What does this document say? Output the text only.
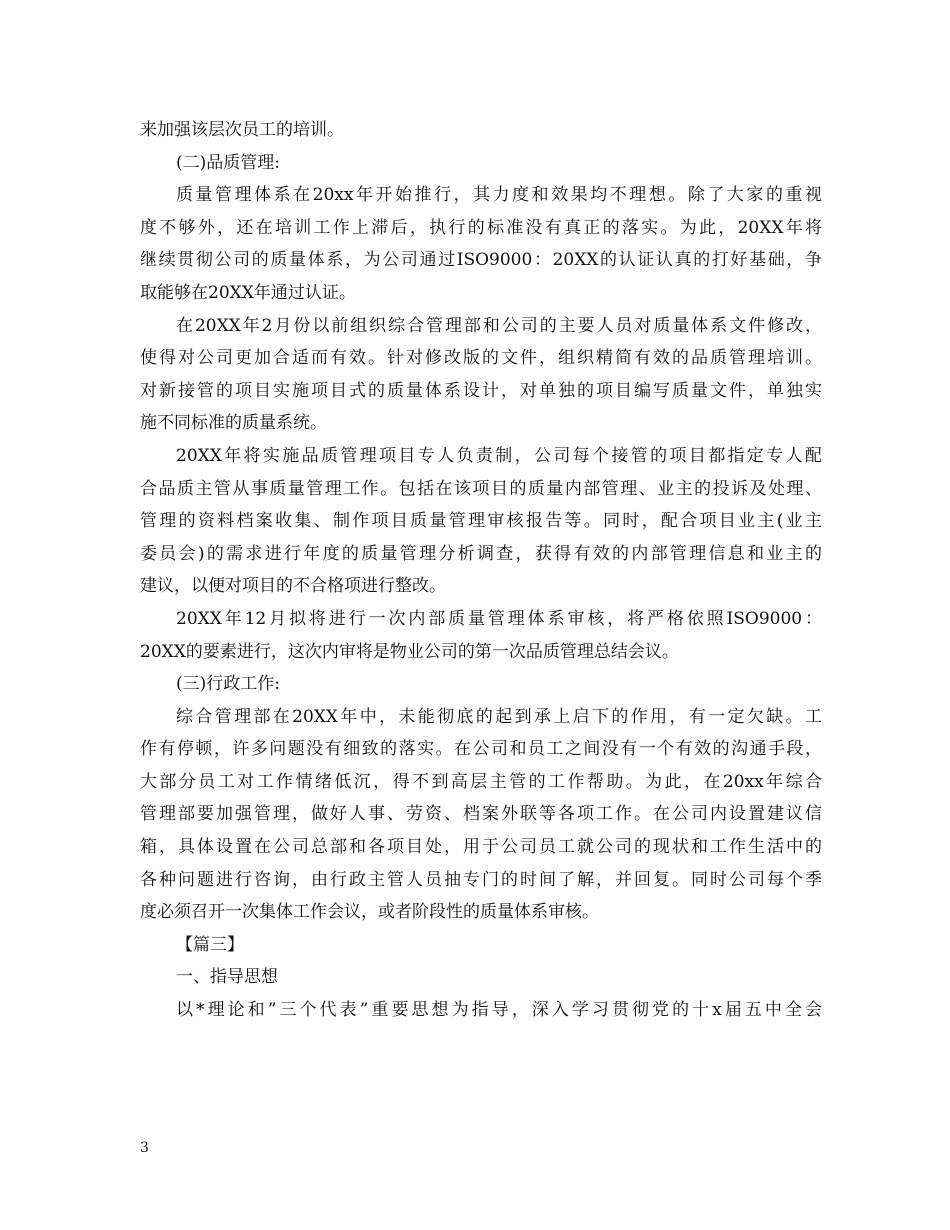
来加强该层次员工的培训。
(二)品质管理:
质量管理体系在20xx年开始推行，其力度和效果均不理想。除了大家的重视
度不够外，还在培训工作上滞后，执行的标准没有真正的落实。为此，20XX年将
继续贯彻公司的质量体系，为公司通过ISO9000：20XX的认证认真的打好基础，争
取能够在20XX年通过认证。
在20XX年2月份以前组织综合管理部和公司的主要人员对质量体系文件修改，
使得对公司更加合适而有效。针对修改版的文件，组织精简有效的品质管理培训。
对新接管的项目实施项目式的质量体系设计，对单独的项目编写质量文件，单独实
施不同标准的质量系统。
20XX年将实施品质管理项目专人负责制，公司每个接管的项目都指定专人配
合品质主管从事质量管理工作。包括在该项目的质量内部管理、业主的投诉及处理、
管理的资料档案收集、制作项目质量管理审核报告等。同时，配合项目业主(业主
委员会)的需求进行年度的质量管理分析调查，获得有效的内部管理信息和业主的
建议，以便对项目的不合格项进行整改。
20XX年12月拟将进行一次内部质量管理体系审核，将严格依照ISO9000：
20XX的要素进行，这次内审将是物业公司的第一次品质管理总结会议。
(三)行政工作:
综合管理部在20XX年中，未能彻底的起到承上启下的作用，有一定欠缺。工
作有停顿，许多问题没有细致的落实。在公司和员工之间没有一个有效的沟通手段，
大部分员工对工作情绪低沉，得不到高层主管的工作帮助。为此，在20xx年综合
管理部要加强管理，做好人事、劳资、档案外联等各项工作。在公司内设置建议信
箱，具体设置在公司总部和各项目处，用于公司员工就公司的现状和工作生活中的
各种问题进行咨询，由行政主管人员抽专门的时间了解，并回复。同时公司每个季
度必须召开一次集体工作会议，或者阶段性的质量体系审核。
【篇三】
一、指导思想
以*理论和”三个代表”重要思想为指导，深入学习贯彻党的十x届五中全会
3
